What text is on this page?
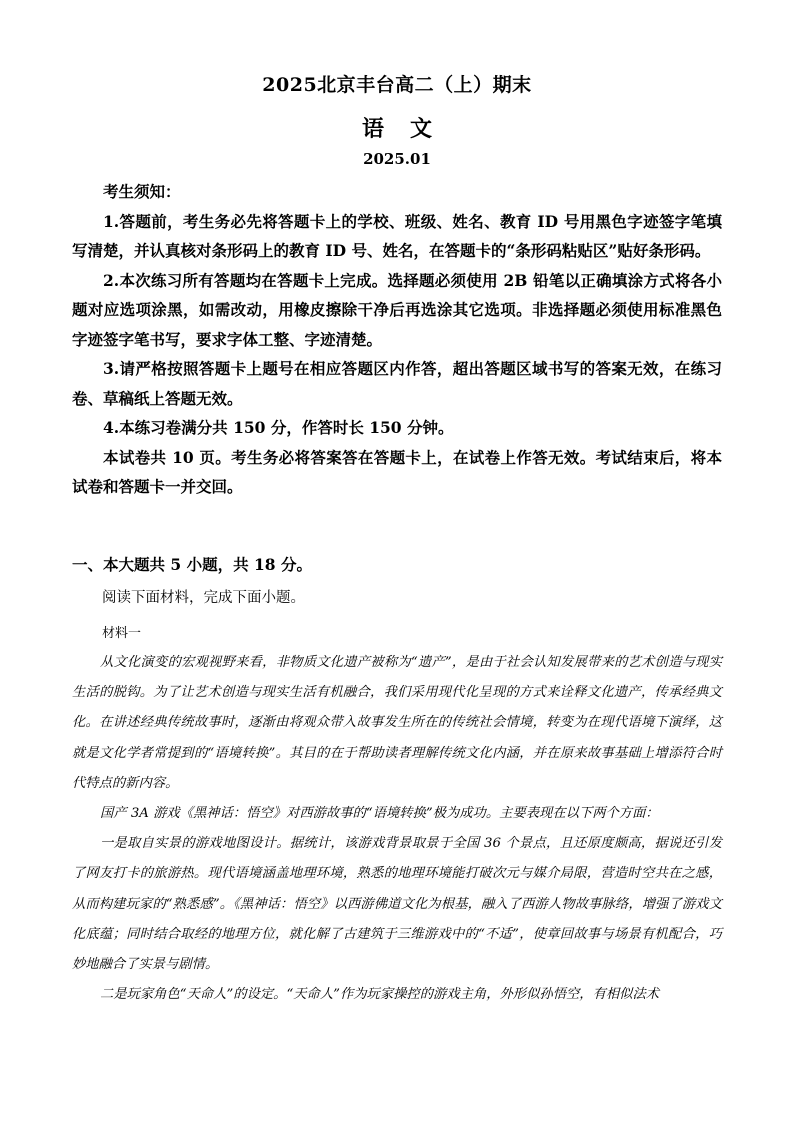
2025北京丰台高二（上）期末
语文
2025.01

考生须知：

1.答题前，考生务必先将答题卡上的学校、班级、姓名、教育 ID 号用黑色字迹签字笔填写清楚，并认真核对条形码上的教育 ID 号、姓名，在答题卡的“条形码粘贴区”贴好条形码。

2.本次练习所有答题均在答题卡上完成。选择题必须使用 2B 铅笔以正确填涂方式将各小题对应选项涂黑，如需改动，用橡皮擦除干净后再选涂其它选项。非选择题必须使用标准黑色字迹签字笔书写，要求字体工整、字迹清楚。

3.请严格按照答题卡上题号在相应答题区内作答，超出答题区域书写的答案无效，在练习卷、草稿纸上答题无效。

4.本练习卷满分共 150 分，作答时长 150 分钟。

本试卷共 10 页。考生务必将答案答在答题卡上，在试卷上作答无效。考试结束后，将本试卷和答题卡一并交回。

一、本大题共 5 小题，共 18 分。
阅读下面材料，完成下面小题。
材料一

从文化演变的宏观视野来看，非物质文化遗产被称为“遗产”，是由于社会认知发展带来的艺术创造与现实生活的脱钩。为了让艺术创造与现实生活有机融合，我们采用现代化呈现的方式来诠释文化遗产，传承经典文化。在讲述经典传统故事时，逐渐由将观众带入故事发生所在的传统社会情境，转变为在现代语境下演绎，这就是文化学者常提到的“语境转换”。其目的在于帮助读者理解传统文化内涵，并在原来故事基础上增添符合时代特点的新内容。

国产 3A 游戏《黑神话：悟空》对西游故事的“语境转换”极为成功。主要表现在以下两个方面：

一是取自实景的游戏地图设计。据统计，该游戏背景取景于全国 36 个景点，且还原度颇高，据说还引发了网友打卡的旅游热。现代语境涵盖地理环境，熟悉的地理环境能打破次元与媒介局限，营造时空共在之感，从而构建玩家的“熟悉感”。《黑神话：悟空》以西游佛道文化为根基，融入了西游人物故事脉络，增强了游戏文化底蕴；同时结合取经的地理方位，就化解了古建筑于三维游戏中的“不适”，使章回故事与场景有机配合，巧妙地融合了实景与剧情。

二是玩家角色“天命人”的设定。“天命人”作为玩家操控的游戏主角，外形似孙悟空，有相似法术
